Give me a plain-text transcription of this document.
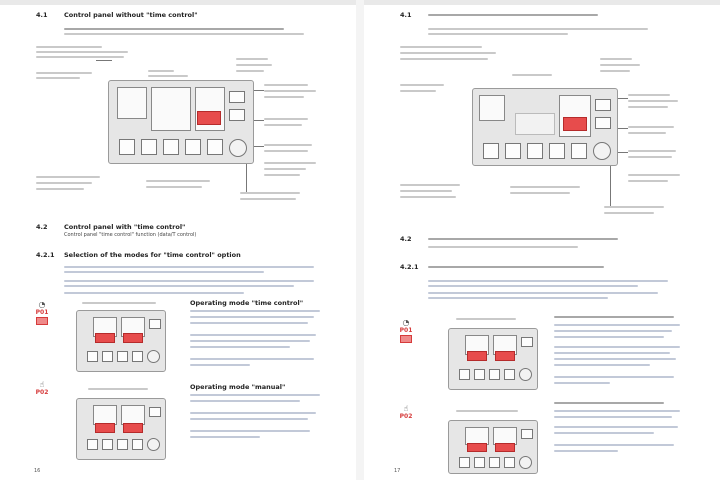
4.1	Control panel without "time control"
4.2	Control panel with "time control"
Control panel "time control" function (data/T control)
4.2.1 Selection of the modes for "time control" option
◔
P01
Operating mode "time control"
☝
P02
Operating mode "manual"
16
4.1
4.2
4.2.1
◔
P01
☝
P02
17
